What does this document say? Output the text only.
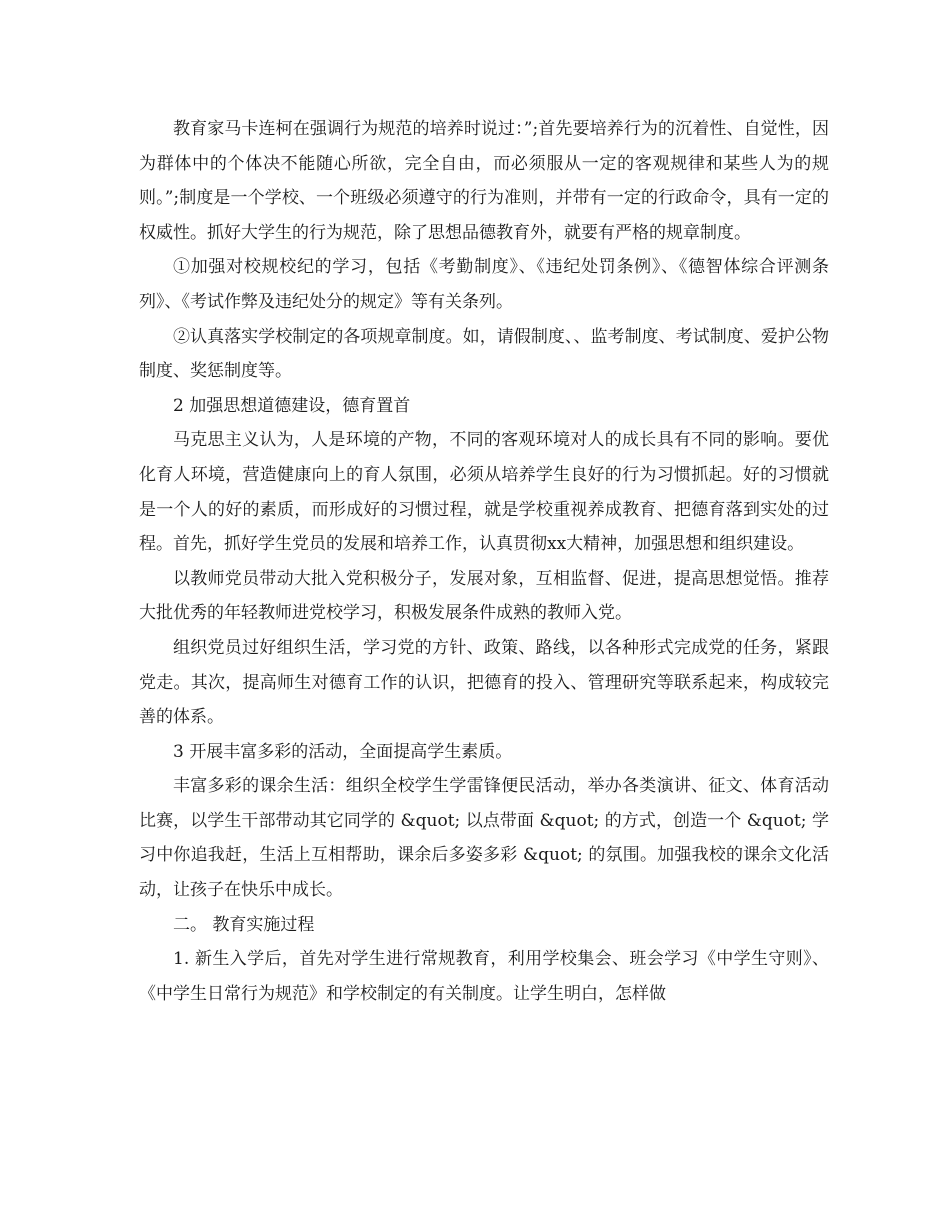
教育家马卡连柯在强调行为规范的培养时说过：”;首先要培养行为的沉着性、自觉性，因为群体中的个体决不能随心所欲，完全自由，而必须服从一定的客观规律和某些人为的规则。”;制度是一个学校、一个班级必须遵守的行为准则，并带有一定的行政命令，具有一定的权威性。抓好大学生的行为规范，除了思想品德教育外，就要有严格的规章制度。

①加强对校规校纪的学习，包括《考勤制度》、《违纪处罚条例》、《德智体综合评测条列》、《考试作弊及违纪处分的规定》等有关条列。

②认真落实学校制定的各项规章制度。如，请假制度、、监考制度、考试制度、爱护公物制度、奖惩制度等。

2 加强思想道德建设，德育置首

马克思主义认为，人是环境的产物，不同的客观环境对人的成长具有不同的影响。要优化育人环境，营造健康向上的育人氛围，必须从培养学生良好的行为习惯抓起。好的习惯就是一个人的好的素质，而形成好的习惯过程，就是学校重视养成教育、把德育落到实处的过程。首先，抓好学生党员的发展和培养工作，认真贯彻xx大精神，加强思想和组织建设。

以教师党员带动大批入党积极分子，发展对象，互相监督、促进，提高思想觉悟。推荐大批优秀的年轻教师进党校学习，积极发展条件成熟的教师入党。

组织党员过好组织生活，学习党的方针、政策、路线，以各种形式完成党的任务，紧跟党走。其次，提高师生对德育工作的认识，把德育的投入、管理研究等联系起来，构成较完善的体系。

3 开展丰富多彩的活动，全面提高学生素质。

丰富多彩的课余生活：组织全校学生学雷锋便民活动，举办各类演讲、征文、体育活动比赛，以学生干部带动其它同学的 &quot; 以点带面 &quot; 的方式，创造一个 &quot; 学习中你追我赶，生活上互相帮助，课余后多姿多彩 &quot; 的氛围。加强我校的课余文化活动，让孩子在快乐中成长。

二。 教育实施过程

1. 新生入学后，首先对学生进行常规教育，利用学校集会、班会学习《中学生守则》、《中学生日常行为规范》和学校制定的有关制度。让学生明白，怎样做
